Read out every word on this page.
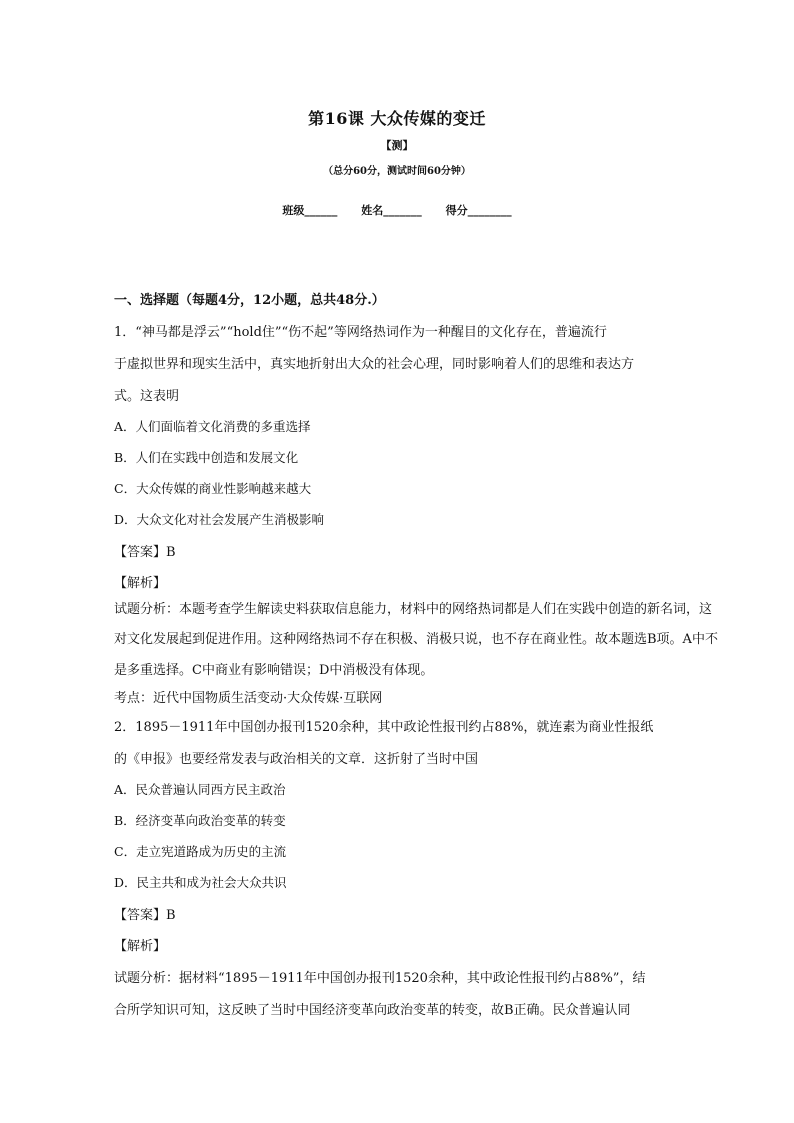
第16课 大众传媒的变迁
【测】
（总分60分，测试时间60分钟）
班级______ 姓名_______ 得分________
一、选择题（每题4分，12小题，总共48分.）
1．“神马都是浮云”“hold住”“伤不起”等网络热词作为一种醒目的文化存在，普遍流行
于虚拟世界和现实生活中，真实地折射出大众的社会心理，同时影响着人们的思维和表达方
式。这表明
A．人们面临着文化消费的多重选择
B．人们在实践中创造和发展文化
C．大众传媒的商业性影响越来越大
D．大众文化对社会发展产生消极影响
【答案】B
【解析】
试题分析：本题考查学生解读史料获取信息能力，材料中的网络热词都是人们在实践中创造的新名词，这
对文化发展起到促进作用。这种网络热词不存在积极、消极只说，也不存在商业性。故本题选B项。A中不
是多重选择。C中商业有影响错误；D中消极没有体现。
考点：近代中国物质生活变动·大众传媒·互联网
2．1895－1911年中国创办报刊1520余种，其中政论性报刊约占88%，就连素为商业性报纸
的《申报》也要经常发表与政治相关的文章．这折射了当时中国
A．民众普遍认同西方民主政治
B．经济变革向政治变革的转变
C．走立宪道路成为历史的主流
D．民主共和成为社会大众共识
【答案】B
【解析】
试题分析：据材料“1895－1911年中国创办报刊1520余种，其中政论性报刊约占88%”，结
合所学知识可知，这反映了当时中国经济变革向政治变革的转变，故B正确。民众普遍认同
